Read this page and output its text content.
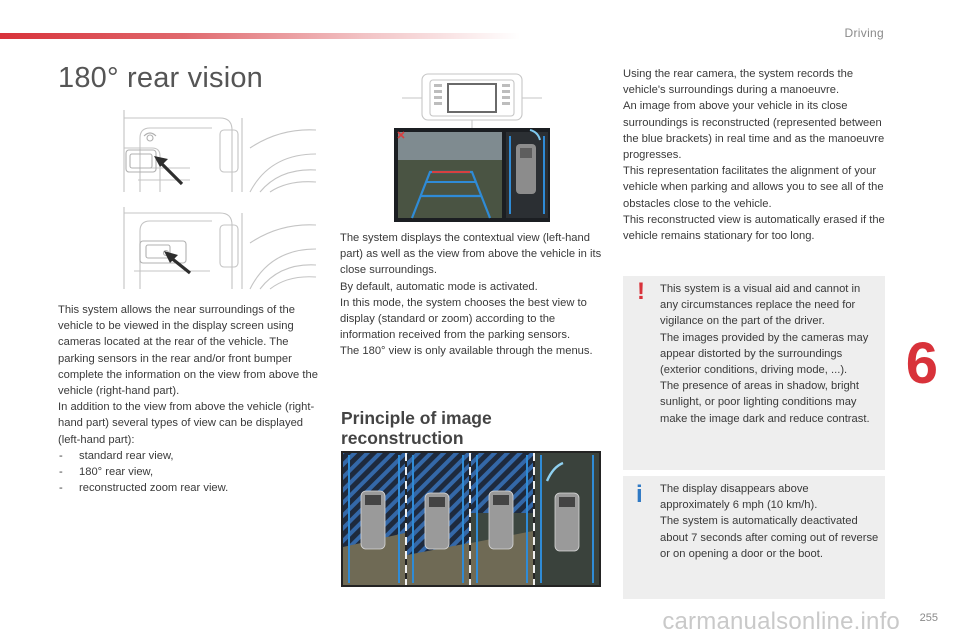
Driving
6
255
180° rear vision

This system allows the near surroundings of the vehicle to be viewed in the display screen using cameras located at the rear of the vehicle. The parking sensors in the rear and/or front bumper complete the information on the view from above the vehicle (right-hand part).

In addition to the view from above the vehicle (right-hand part) several types of view can be displayed (left-hand part):

- standard rear view,
- 180° rear view,
- reconstructed zoom rear view.

The system displays the contextual view (left-hand part) as well as the view from above the vehicle in its close surroundings.

By default, automatic mode is activated.

In this mode, the system chooses the best view to display (standard or zoom) according to the information received from the parking sensors.

The 180° view is only available through the menus.

Principle of image reconstruction

Using the rear camera, the system records the vehicle's surroundings during a manoeuvre.

An image from above your vehicle in its close surroundings is reconstructed (represented between the blue brackets) in real time and as the manoeuvre progresses.

This representation facilitates the alignment of your vehicle when parking and allows you to see all of the obstacles close to the vehicle.

This reconstructed view is automatically erased if the vehicle remains stationary for too long.

! This system is a visual aid and cannot in any circumstances replace the need for vigilance on the part of the driver.

The images provided by the cameras may appear distorted by the surroundings (exterior conditions, driving mode, ...).

The presence of areas in shadow, bright sunlight, or poor lighting conditions may make the image dark and reduce contrast.

i The display disappears above approximately 6 mph (10 km/h).

The system is automatically deactivated about 7 seconds after coming out of reverse or on opening a door or the boot.

carmanualsonline.info
